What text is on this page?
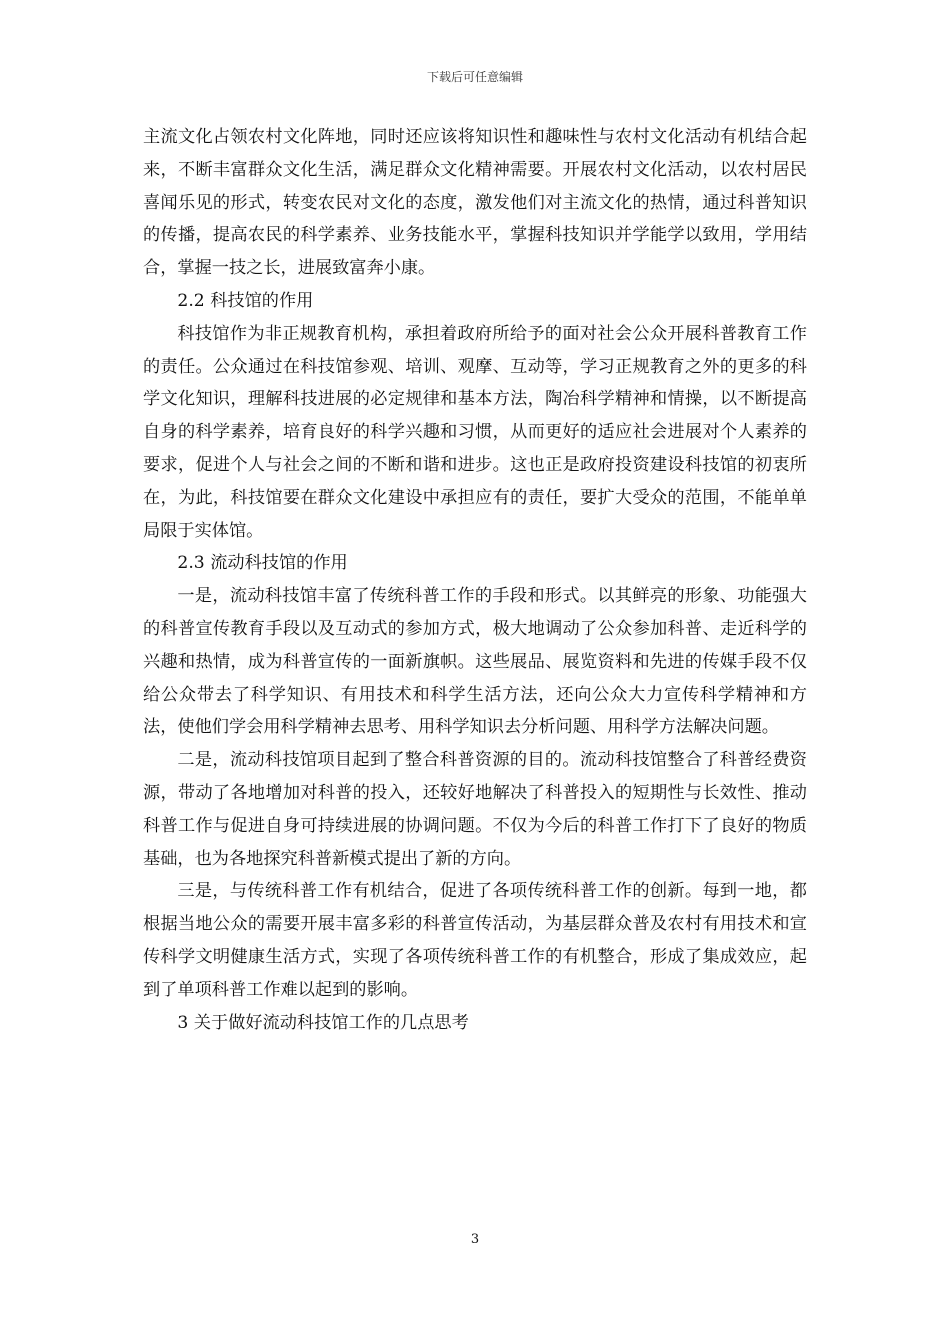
下载后可任意编辑

主流文化占领农村文化阵地，同时还应该将知识性和趣味性与农村文化活动有机结合起来，不断丰富群众文化生活，满足群众文化精神需要。开展农村文化活动，以农村居民喜闻乐见的形式，转变农民对文化的态度，激发他们对主流文化的热情，通过科普知识的传播，提高农民的科学素养、业务技能水平，掌握科技知识并学能学以致用，学用结合，掌握一技之长，进展致富奔小康。

2.2 科技馆的作用

科技馆作为非正规教育机构，承担着政府所给予的面对社会公众开展科普教育工作的责任。公众通过在科技馆参观、培训、观摩、互动等，学习正规教育之外的更多的科学文化知识，理解科技进展的必定规律和基本方法，陶冶科学精神和情操，以不断提高自身的科学素养，培育良好的科学兴趣和习惯，从而更好的适应社会进展对个人素养的要求，促进个人与社会之间的不断和谐和进步。这也正是政府投资建设科技馆的初衷所在，为此，科技馆要在群众文化建设中承担应有的责任，要扩大受众的范围，不能单单局限于实体馆。

2.3 流动科技馆的作用

一是，流动科技馆丰富了传统科普工作的手段和形式。以其鲜亮的形象、功能强大的科普宣传教育手段以及互动式的参加方式，极大地调动了公众参加科普、走近科学的兴趣和热情，成为科普宣传的一面新旗帜。这些展品、展览资料和先进的传媒手段不仅给公众带去了科学知识、有用技术和科学生活方法，还向公众大力宣传科学精神和方法，使他们学会用科学精神去思考、用科学知识去分析问题、用科学方法解决问题。

二是，流动科技馆项目起到了整合科普资源的目的。流动科技馆整合了科普经费资源，带动了各地增加对科普的投入，还较好地解决了科普投入的短期性与长效性、推动科普工作与促进自身可持续进展的协调问题。不仅为今后的科普工作打下了良好的物质基础，也为各地探究科普新模式提出了新的方向。

三是，与传统科普工作有机结合，促进了各项传统科普工作的创新。每到一地，都根据当地公众的需要开展丰富多彩的科普宣传活动，为基层群众普及农村有用技术和宣传科学文明健康生活方式，实现了各项传统科普工作的有机整合，形成了集成效应，起到了单项科普工作难以起到的影响。

3 关于做好流动科技馆工作的几点思考

3
